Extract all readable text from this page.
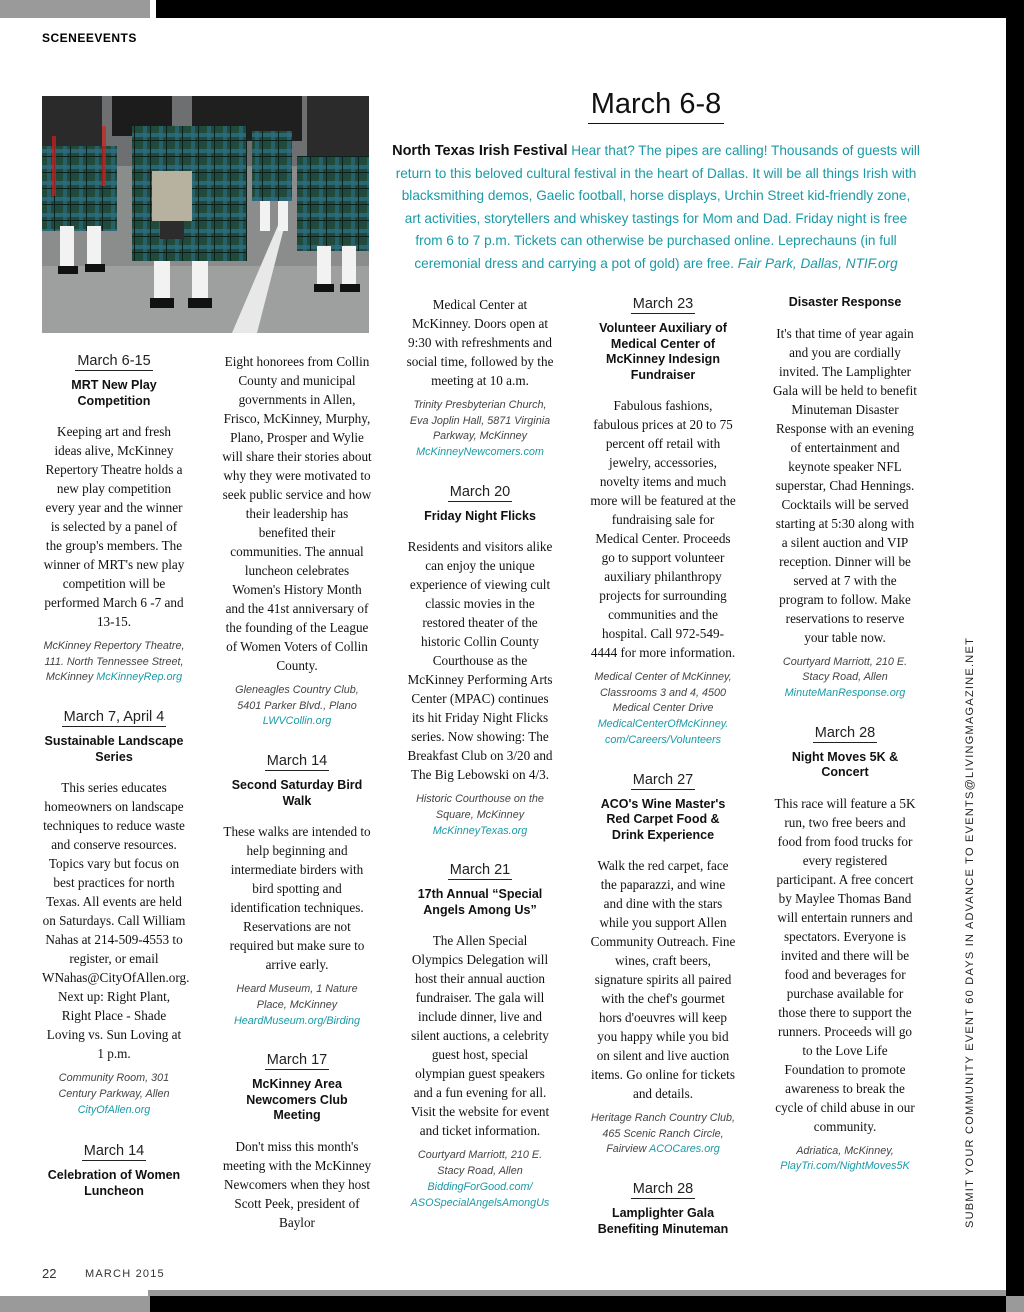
SCENEEVENTS
March 6-8
North Texas Irish Festival Hear that? The pipes are calling! Thousands of guests will return to this beloved cultural festival in the heart of Dallas. It will be all things Irish with blacksmithing demos, Gaelic football, horse displays, Urchin Street kid-friendly zone, art activities, storytellers and whiskey tastings for Mom and Dad. Friday night is free from 6 to 7 p.m. Tickets can otherwise be purchased online. Leprechauns (in full ceremonial dress and carrying a pot of gold) are free. Fair Park, Dallas, NTIF.org
March 6-15
MRT New Play Competition
Keeping art and fresh ideas alive, McKinney Repertory Theatre holds a new play competition every year and the winner is selected by a panel of the group's members. The winner of MRT's new play competition will be performed March 6 -7 and 13-15.
McKinney Repertory Theatre, 111. North Tennessee Street, McKinney McKinneyRep.org
March 7, April 4
Sustainable Landscape Series
This series educates homeowners on landscape techniques to reduce waste and conserve resources. Topics vary but focus on best practices for north Texas. All events are held on Saturdays. Call William Nahas at 214-509-4553 to register, or email WNahas@CityOfAllen.org. Next up: Right Plant, Right Place - Shade Loving vs. Sun Loving at 1 p.m.
Community Room, 301 Century Parkway, Allen
CityOfAllen.org
March 14
Celebration of Women Luncheon
Eight honorees from Collin County and municipal governments in Allen, Frisco, McKinney, Murphy, Plano, Prosper and Wylie will share their stories about why they were motivated to seek public service and how their leadership has benefited their communities. The annual luncheon celebrates Women's History Month and the 41st anniversary of the founding of the League of Women Voters of Collin County.
Gleneagles Country Club, 5401 Parker Blvd., Plano
LWVCollin.org
March 14
Second Saturday Bird Walk
These walks are intended to help beginning and intermediate birders with bird spotting and identification techniques. Reservations are not required but make sure to arrive early.
Heard Museum, 1 Nature Place, McKinney
HeardMuseum.org/Birding
March 17
McKinney Area Newcomers Club Meeting
Don't miss this month's meeting with the McKinney Newcomers when they host Scott Peek, president of Baylor
Medical Center at McKinney. Doors open at 9:30 with refreshments and social time, followed by the meeting at 10 a.m.
Trinity Presbyterian Church, Eva Joplin Hall, 5871 Virginia Parkway, McKinney
McKinneyNewcomers.com
March 20
Friday Night Flicks
Residents and visitors alike can enjoy the unique experience of viewing cult classic movies in the restored theater of the historic Collin County Courthouse as the McKinney Performing Arts Center (MPAC) continues its hit Friday Night Flicks series. Now showing: The Breakfast Club on 3/20 and The Big Lebowski on 4/3.
Historic Courthouse on the Square, McKinney
McKinneyTexas.org
March 21
17th Annual “Special Angels Among Us”
The Allen Special Olympics Delegation will host their annual auction fundraiser. The gala will include dinner, live and silent auctions, a celebrity guest host, special olympian guest speakers and a fun evening for all. Visit the website for event and ticket information.
Courtyard Marriott, 210 E. Stacy Road, Allen
BiddingForGood.com/
ASOSpecialAngelsAmongUs
March 23
Volunteer Auxiliary of Medical Center of McKinney Indesign Fundraiser
Fabulous fashions, fabulous prices at 20 to 75 percent off retail with jewelry, accessories, novelty items and much more will be featured at the fundraising sale for Medical Center. Proceeds go to support volunteer auxiliary philanthropy projects for surrounding communities and the hospital. Call 972-549-4444 for more information.
Medical Center of McKinney, Classrooms 3 and 4, 4500 Medical Center Drive
MedicalCenterOfMcKinney.
com/Careers/Volunteers
March 27
ACO's Wine Master's Red Carpet Food & Drink Experience
Walk the red carpet, face the paparazzi, and wine and dine with the stars while you support Allen Community Outreach. Fine wines, craft beers, signature spirits all paired with the chef's gourmet hors d'oeuvres will keep you happy while you bid on silent and live auction items. Go online for tickets and details.
Heritage Ranch Country Club, 465 Scenic Ranch Circle, Fairview ACOCares.org
March 28
Lamplighter Gala Benefiting Minuteman
Disaster Response
It's that time of year again and you are cordially invited. The Lamplighter Gala will be held to benefit Minuteman Disaster Response with an evening of entertainment and keynote speaker NFL superstar, Chad Hennings. Cocktails will be served starting at 5:30 along with a silent auction and VIP reception. Dinner will be served at 7 with the program to follow. Make reservations to reserve your table now.
Courtyard Marriott, 210 E. Stacy Road, Allen
MinuteManResponse.org
March 28
Night Moves 5K & Concert
This race will feature a 5K run, two free beers and food from food trucks for every registered participant. A free concert by Maylee Thomas Band will entertain runners and spectators. Everyone is invited and there will be food and beverages for purchase available for those there to support the runners. Proceeds will go to the Love Life Foundation to promote awareness to break the cycle of child abuse in our community.
Adriatica, McKinney,
PlayTri.com/NightMoves5K
22	MARCH 2015
SUBMIT YOUR COMMUNITY EVENT 60 DAYS IN ADVANCE TO EVENTS@LIVINGMAGAZINE.NET
